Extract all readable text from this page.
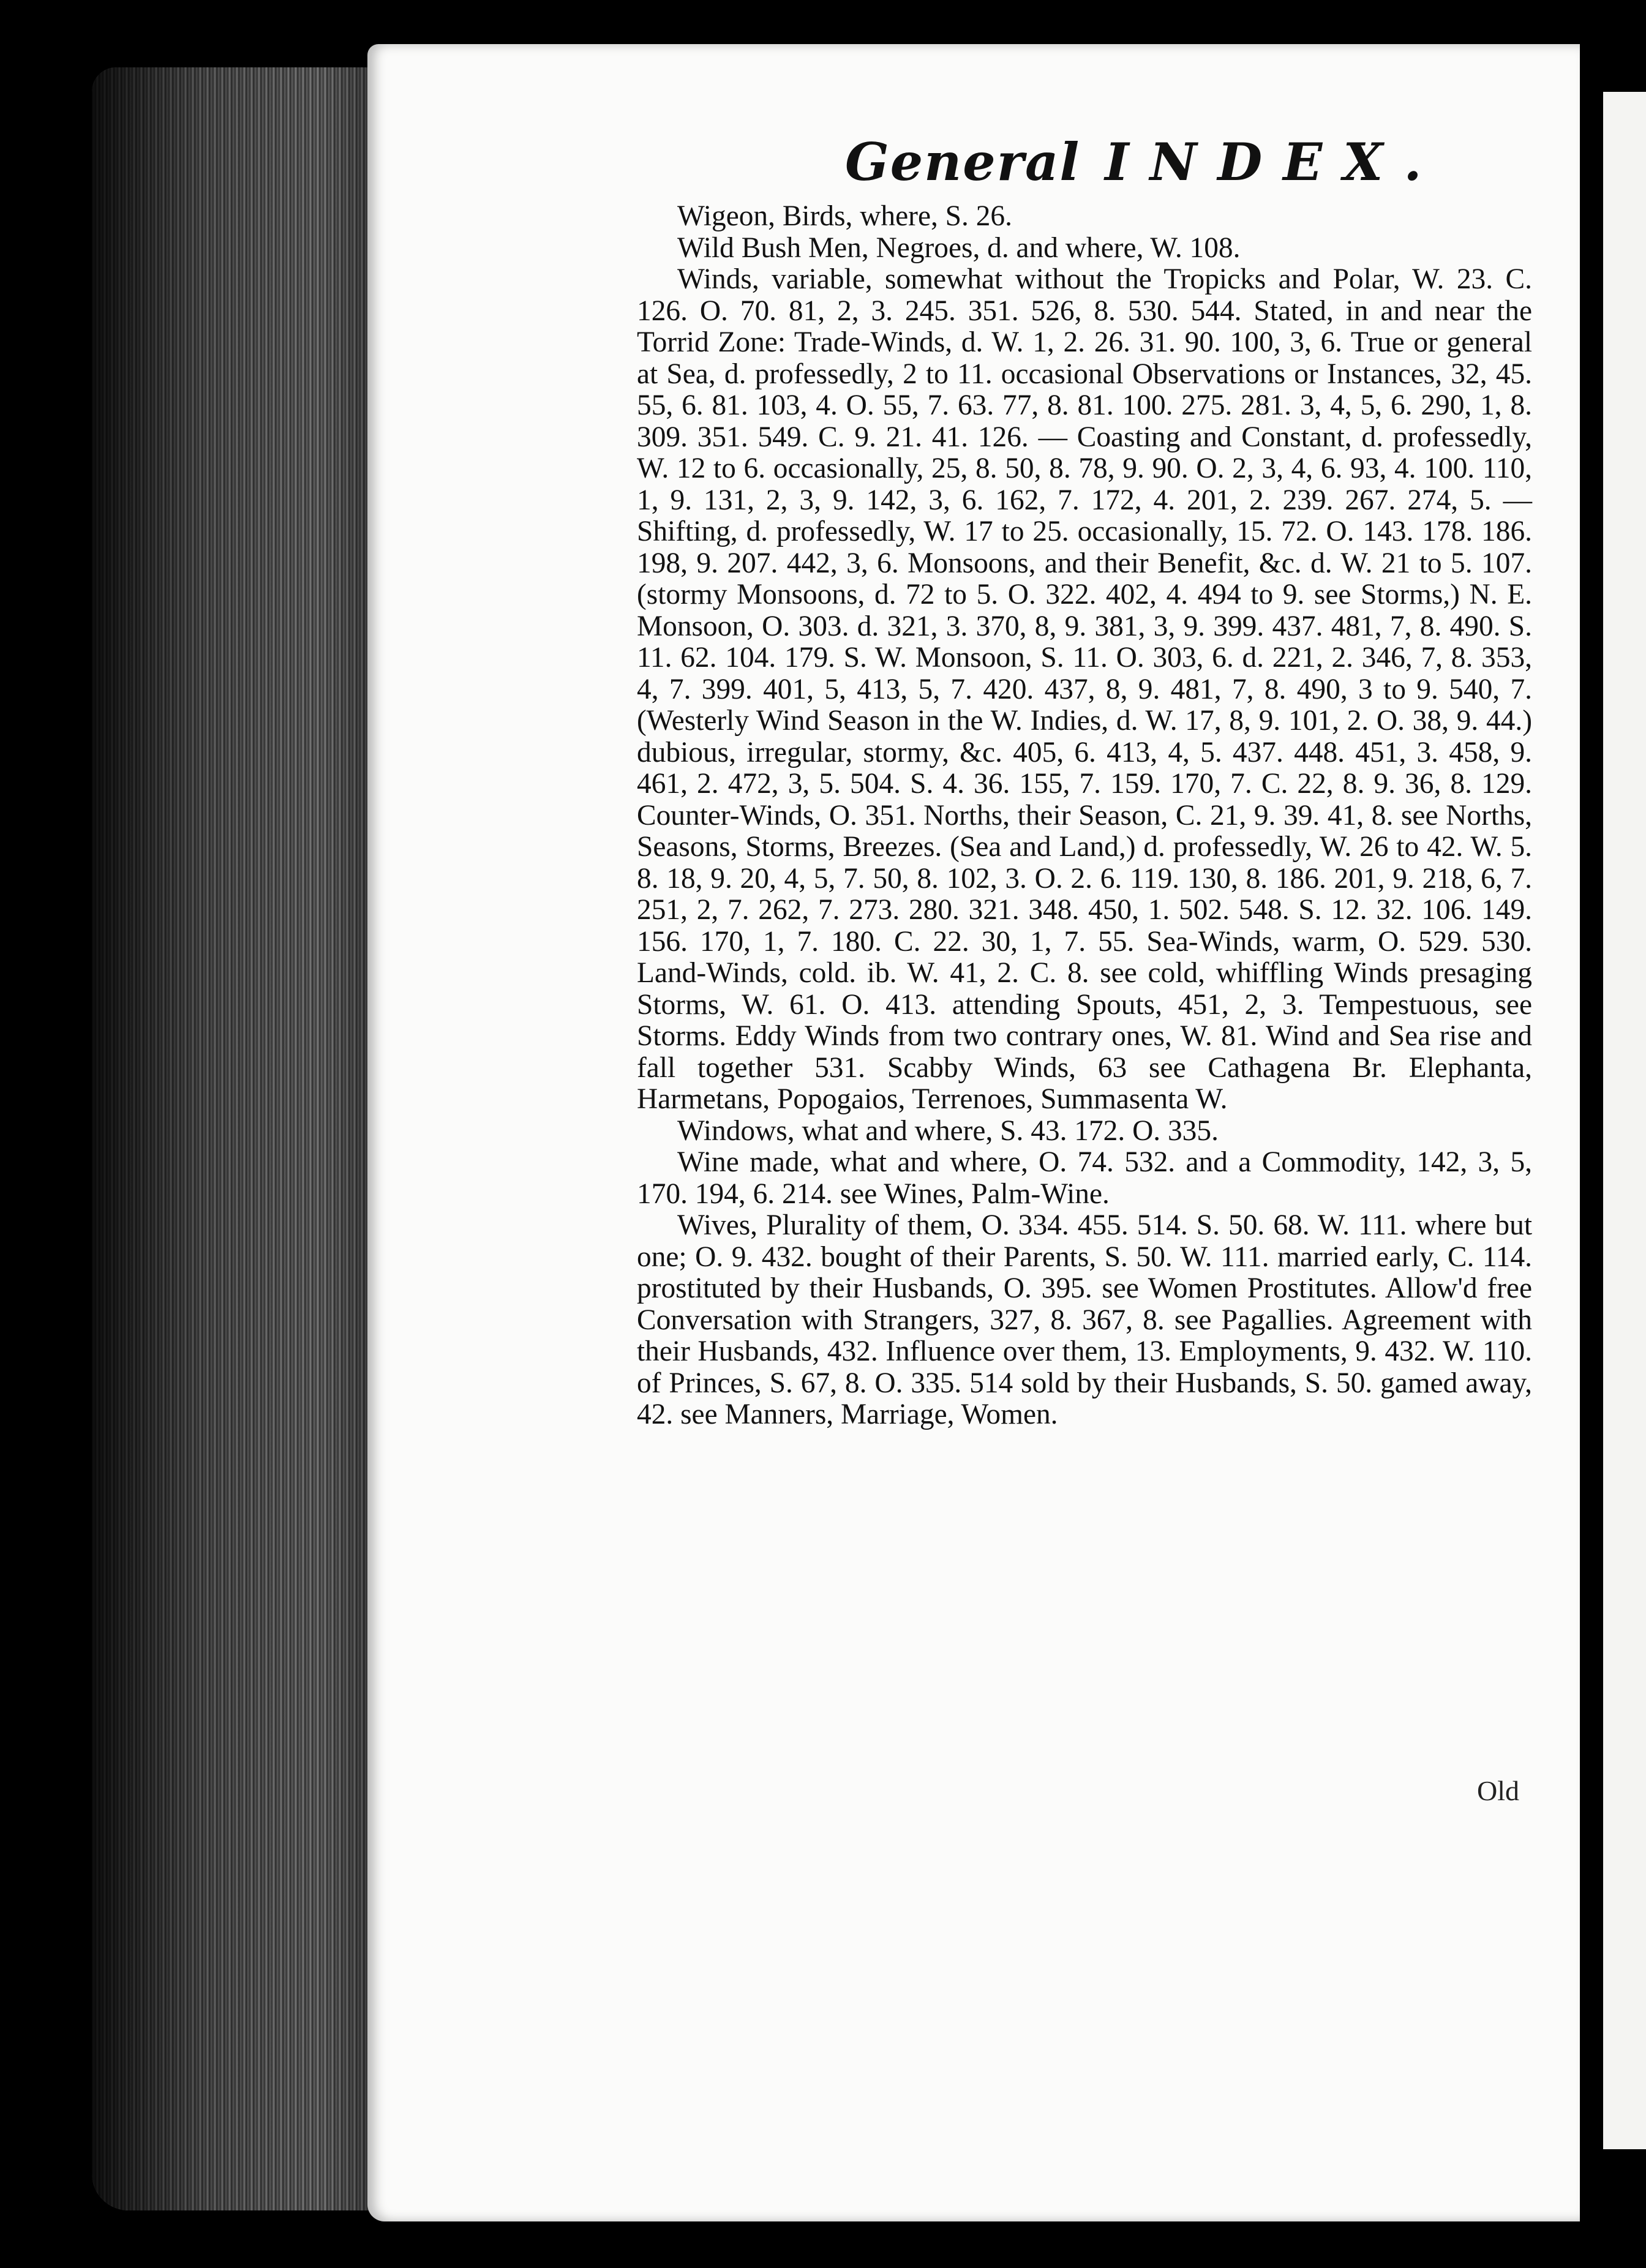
General INDEX.

Wigeon, Birds, where, S. 26.

Wild Bush Men, Negroes, d. and where, W. 108.

Winds, variable, somewhat without the Tropicks and Polar, W. 23. C. 126. O. 70. 81, 2, 3. 245. 351. 526, 8. 530. 544. Stated, in and near the Torrid Zone: Trade-Winds, d. W. 1, 2. 26. 31. 90. 100, 3, 6. True or general at Sea, d. professedly, 2 to 11. occasional Observations or Instances, 32, 45. 55, 6. 81. 103, 4. O. 55, 7. 63. 77, 8. 81. 100. 275. 281. 3, 4, 5, 6. 290, 1, 8. 309. 351. 549. C. 9. 21. 41. 126. — Coasting and Constant, d. professedly, W. 12 to 6. occasionally, 25, 8. 50, 8. 78, 9. 90. O. 2, 3, 4, 6. 93, 4. 100. 110, 1, 9. 131, 2, 3, 9. 142, 3, 6. 162, 7. 172, 4. 201, 2. 239. 267. 274, 5. — Shifting, d. professedly, W. 17 to 25. occasionally, 15. 72. O. 143. 178. 186. 198, 9. 207. 442, 3, 6. Monsoons, and their Benefit, &c. d. W. 21 to 5. 107. (stormy Monsoons, d. 72 to 5. O. 322. 402, 4. 494 to 9. see Storms,) N. E. Monsoon, O. 303. d. 321, 3. 370, 8, 9. 381, 3, 9. 399. 437. 481, 7, 8. 490. S. 11. 62. 104. 179. S. W. Monsoon, S. 11. O. 303, 6. d. 221, 2. 346, 7, 8. 353, 4, 7. 399. 401, 5, 413, 5, 7. 420. 437, 8, 9. 481, 7, 8. 490, 3 to 9. 540, 7. (Westerly Wind Season in the W. Indies, d. W. 17, 8, 9. 101, 2. O. 38, 9. 44.) dubious, irregular, stormy, &c. 405, 6. 413, 4, 5. 437. 448. 451, 3. 458, 9. 461, 2. 472, 3, 5. 504. S. 4. 36. 155, 7. 159. 170, 7. C. 22, 8. 9. 36, 8. 129. Counter-Winds, O. 351. Norths, their Season, C. 21, 9. 39. 41, 8. see Norths, Seasons, Storms, Breezes. (Sea and Land,) d. professedly, W. 26 to 42. W. 5. 8. 18, 9. 20, 4, 5, 7. 50, 8. 102, 3. O. 2. 6. 119. 130, 8. 186. 201, 9. 218, 6, 7. 251, 2, 7. 262, 7. 273. 280. 321. 348. 450, 1. 502. 548. S. 12. 32. 106. 149. 156. 170, 1, 7. 180. C. 22. 30, 1, 7. 55. Sea-Winds, warm, O. 529. 530. Land-Winds, cold. ib. W. 41, 2. C. 8. see cold, whiffling Winds presaging Storms, W. 61. O. 413. attending Spouts, 451, 2, 3. Tempestuous, see Storms. Eddy Winds from two contrary ones, W. 81. Wind and Sea rise and fall together 531. Scabby Winds, 63 see Cathagena Br. Elephanta, Harmetans, Popogaios, Terrenoes, Summasenta W.

Windows, what and where, S. 43. 172. O. 335.

Wine made, what and where, O. 74. 532. and a Commodity, 142, 3, 5, 170. 194, 6. 214. see Wines, Palm-Wine.

Wives, Plurality of them, O. 334. 455. 514. S. 50. 68. W. 111. where but one; O. 9. 432. bought of their Parents, S. 50. W. 111. married early, C. 114. prostituted by their Husbands, O. 395. see Women Prostitutes. Allow'd free Conversation with Strangers, 327, 8. 367, 8. see Pagallies. Agreement with their Husbands, 432. Influence over them, 13. Employments, 9. 432. W. 110. of Princes, S. 67, 8. O. 335. 514 sold by their Husbands, S. 50. gamed away, 42. see Manners, Marriage, Women.

Old
